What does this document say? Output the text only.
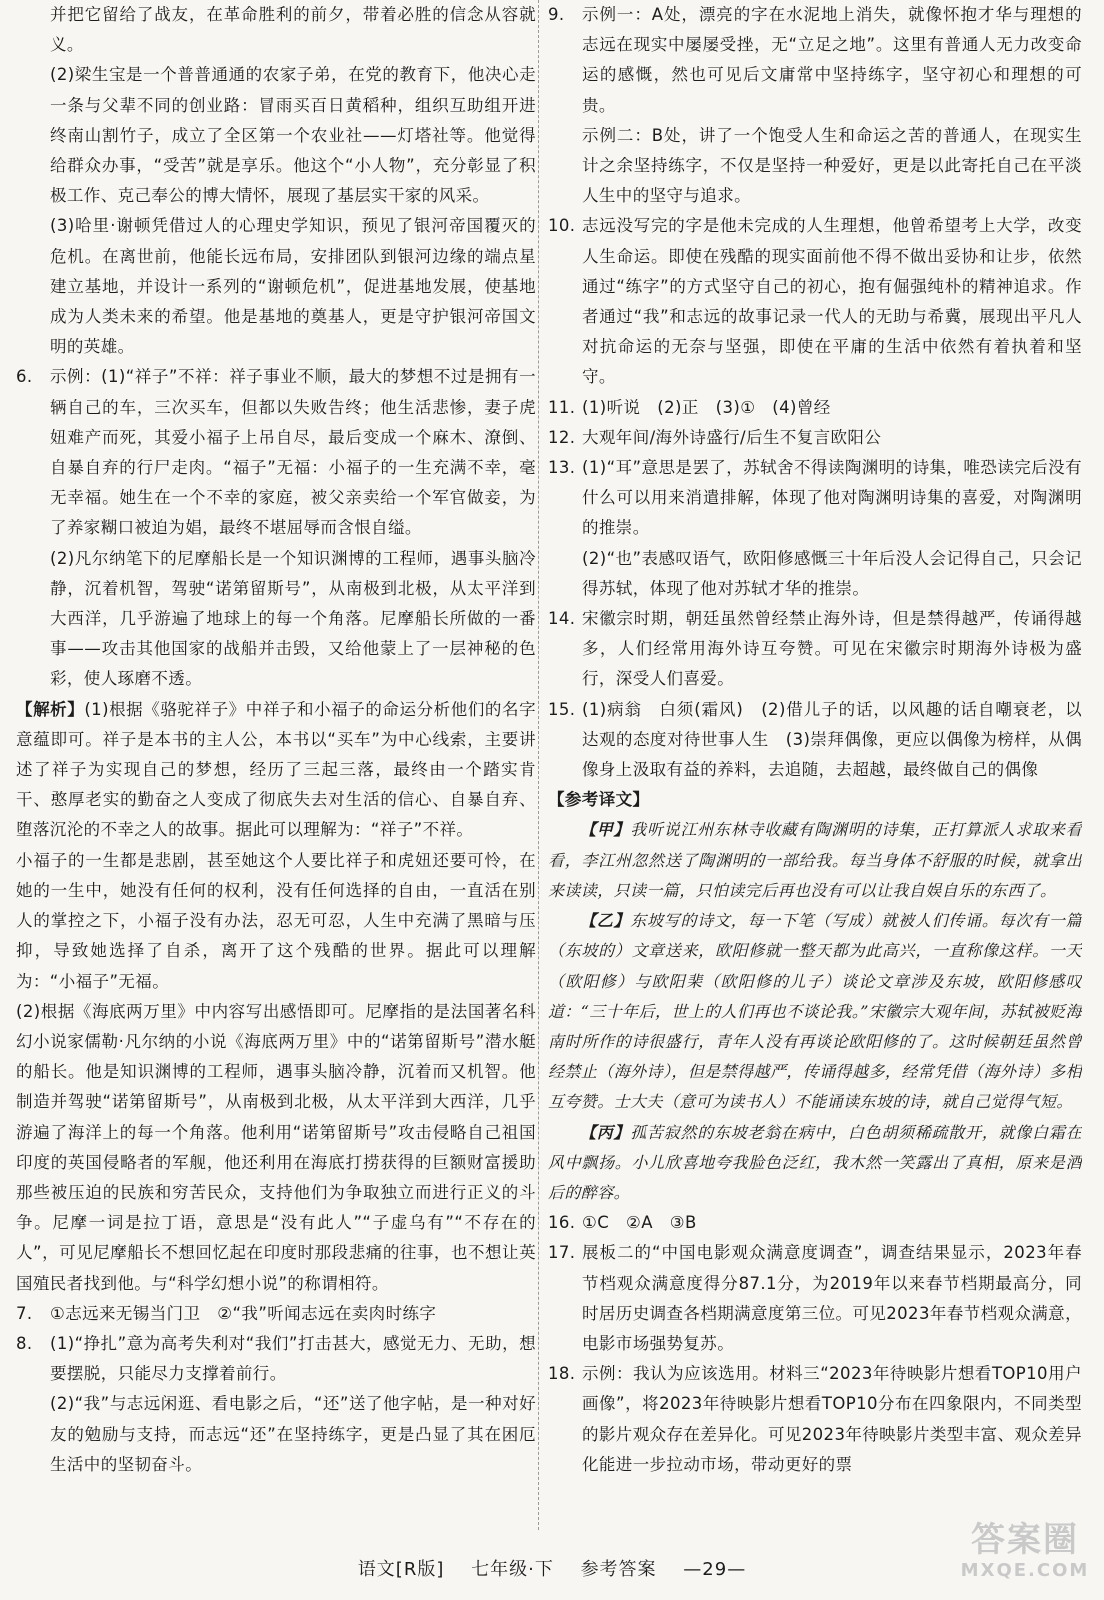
并把它留给了战友，在革命胜利的前夕，带着必胜的信念从容就义。

(2)梁生宝是一个普普通通的农家子弟，在党的教育下，他决心走一条与父辈不同的创业路：冒雨买百日黄稻种，组织互助组开进终南山割竹子，成立了全区第一个农业社——灯塔社等。他觉得给群众办事，“受苦”就是享乐。他这个“小人物”，充分彰显了积极工作、克己奉公的博大情怀，展现了基层实干家的风采。

(3)哈里·谢顿凭借过人的心理史学知识，预见了银河帝国覆灭的危机。在离世前，他能长远布局，安排团队到银河边缘的端点星建立基地，并设计一系列的“谢顿危机”，促进基地发展，使基地成为人类未来的希望。他是基地的奠基人，更是守护银河帝国文明的英雄。

6.	示例：(1)“祥子”不祥：祥子事业不顺，最大的梦想不过是拥有一辆自己的车，三次买车，但都以失败告终；他生活悲惨，妻子虎妞难产而死，其爱小福子上吊自尽，最后变成一个麻木、潦倒、自暴自弃的行尸走肉。“福子”无福：小福子的一生充满不幸，毫无幸福。她生在一个不幸的家庭，被父亲卖给一个军官做妾，为了养家糊口被迫为娼，最终不堪屈辱而含恨自缢。

(2)凡尔纳笔下的尼摩船长是一个知识渊博的工程师，遇事头脑冷静，沉着机智，驾驶“诺第留斯号”，从南极到北极，从太平洋到大西洋，几乎游遍了地球上的每一个角落。尼摩船长所做的一番事——攻击其他国家的战船并击毁，又给他蒙上了一层神秘的色彩，使人琢磨不透。

【解析】(1)根据《骆驼祥子》中祥子和小福子的命运分析他们的名字意蕴即可。祥子是本书的主人公，本书以“买车”为中心线索，主要讲述了祥子为实现自己的梦想，经历了三起三落，最终由一个踏实肯干、憨厚老实的勤奋之人变成了彻底失去对生活的信心、自暴自弃、堕落沉沦的不幸之人的故事。据此可以理解为：“祥子”不祥。

小福子的一生都是悲剧，甚至她这个人要比祥子和虎妞还要可怜，在她的一生中，她没有任何的权利，没有任何选择的自由，一直活在别人的掌控之下，小福子没有办法，忍无可忍，人生中充满了黑暗与压抑，导致她选择了自杀，离开了这个残酷的世界。据此可以理解为：“小福子”无福。

(2)根据《海底两万里》中内容写出感悟即可。尼摩指的是法国著名科幻小说家儒勒·凡尔纳的小说《海底两万里》中的“诺第留斯号”潜水艇的船长。他是知识渊博的工程师，遇事头脑冷静，沉着而又机智。他制造并驾驶“诺第留斯号”，从南极到北极，从太平洋到大西洋，几乎游遍了海洋上的每一个角落。他利用“诺第留斯号”攻击侵略自己祖国印度的英国侵略者的军舰，他还利用在海底打捞获得的巨额财富援助那些被压迫的民族和穷苦民众，支持他们为争取独立而进行正义的斗争。尼摩一词是拉丁语，意思是“没有此人”“子虚乌有”“不存在的人”，可见尼摩船长不想回忆起在印度时那段悲痛的往事，也不想让英国殖民者找到他。与“科学幻想小说”的称谓相符。

7.	①志远来无锡当门卫　②“我”听闻志远在卖肉时练字
8.	(1)“挣扎”意为高考失利对“我们”打击甚大，感觉无力、无助，想要摆脱，只能尽力支撑着前行。

(2)“我”与志远闲逛、看电影之后，“还”送了他字帖，是一种对好友的勉励与支持，而志远“还”在坚持练字，更是凸显了其在困厄生活中的坚韧奋斗。

9.	示例一：A处，漂亮的字在水泥地上消失，就像怀抱才华与理想的志远在现实中屡屡受挫，无“立足之地”。这里有普通人无力改变命运的感慨，然也可见后文庸常中坚持练字，坚守初心和理想的可贵。

示例二：B处，讲了一个饱受人生和命运之苦的普通人，在现实生计之余坚持练字，不仅是坚持一种爱好，更是以此寄托自己在平淡人生中的坚守与追求。

10. 志远没写完的字是他未完成的人生理想，他曾希望考上大学，改变人生命运。即使在残酷的现实面前他不得不做出妥协和让步，依然通过“练字”的方式坚守自己的初心，抱有倔强纯朴的精神追求。作者通过“我”和志远的故事记录一代人的无助与希冀，展现出平凡人对抗命运的无奈与坚强，即使在平庸的生活中依然有着执着和坚守。
11. (1)听说　(2)正　(3)①　(4)曾经
12. 大观年间/海外诗盛行/后生不复言欧阳公
13. (1)“耳”意思是罢了，苏轼舍不得读陶渊明的诗集，唯恐读完后没有什么可以用来消遣排解，体现了他对陶渊明诗集的喜爱，对陶渊明的推崇。

(2)“也”表感叹语气，欧阳修感慨三十年后没人会记得自己，只会记得苏轼，体现了他对苏轼才华的推崇。

14. 宋徽宗时期，朝廷虽然曾经禁止海外诗，但是禁得越严，传诵得越多，人们经常用海外诗互夸赞。可见在宋徽宗时期海外诗极为盛行，深受人们喜爱。
15. (1)病翁　白须(霜风)　(2)借儿子的话，以风趣的话自嘲衰老，以达观的态度对待世事人生　(3)崇拜偶像，更应以偶像为榜样，从偶像身上汲取有益的养料，去追随，去超越，最终做自己的偶像

【参考译文】

【甲】我听说江州东林寺收藏有陶渊明的诗集，正打算派人求取来看看，李江州忽然送了陶渊明的一部给我。每当身体不舒服的时候，就拿出来读读，只读一篇，只怕读完后再也没有可以让我自娱自乐的东西了。

【乙】东坡写的诗文，每一下笔（写成）就被人们传诵。每次有一篇（东坡的）文章送来，欧阳修就一整天都为此高兴，一直称像这样。一天（欧阳修）与欧阳棐（欧阳修的儿子）谈论文章涉及东坡，欧阳修感叹道：“三十年后，世上的人们再也不谈论我。”宋徽宗大观年间，苏轼被贬海南时所作的诗很盛行，青年人没有再谈论欧阳修的了。这时候朝廷虽然曾经禁止（海外诗），但是禁得越严，传诵得越多，经常凭借（海外诗）多相互夸赞。士大夫（意可为读书人）不能诵读东坡的诗，就自己觉得气短。

【丙】孤苦寂然的东坡老翁在病中，白色胡须稀疏散开，就像白霜在风中飘扬。小儿欣喜地夸我脸色泛红，我木然一笑露出了真相，原来是酒后的醉容。

16. ①C　②A　③B
17. 展板二的“中国电影观众满意度调查”，调查结果显示，2023年春节档观众满意度得分87.1分，为2019年以来春节档期最高分，同时居历史调查各档期满意度第三位。可见2023年春节档观众满意，电影市场强势复苏。
18. 示例：我认为应该选用。材料三“2023年待映影片想看TOP10用户画像”，将2023年待映影片想看TOP10分布在四象限内，不同类型的影片观众存在差异化。可见2023年待映影片类型丰富、观众差异化能进一步拉动市场，带动更好的票
语文[R版] 七年级·下 参考答案 —29—
答案圈
MXQE.COM
